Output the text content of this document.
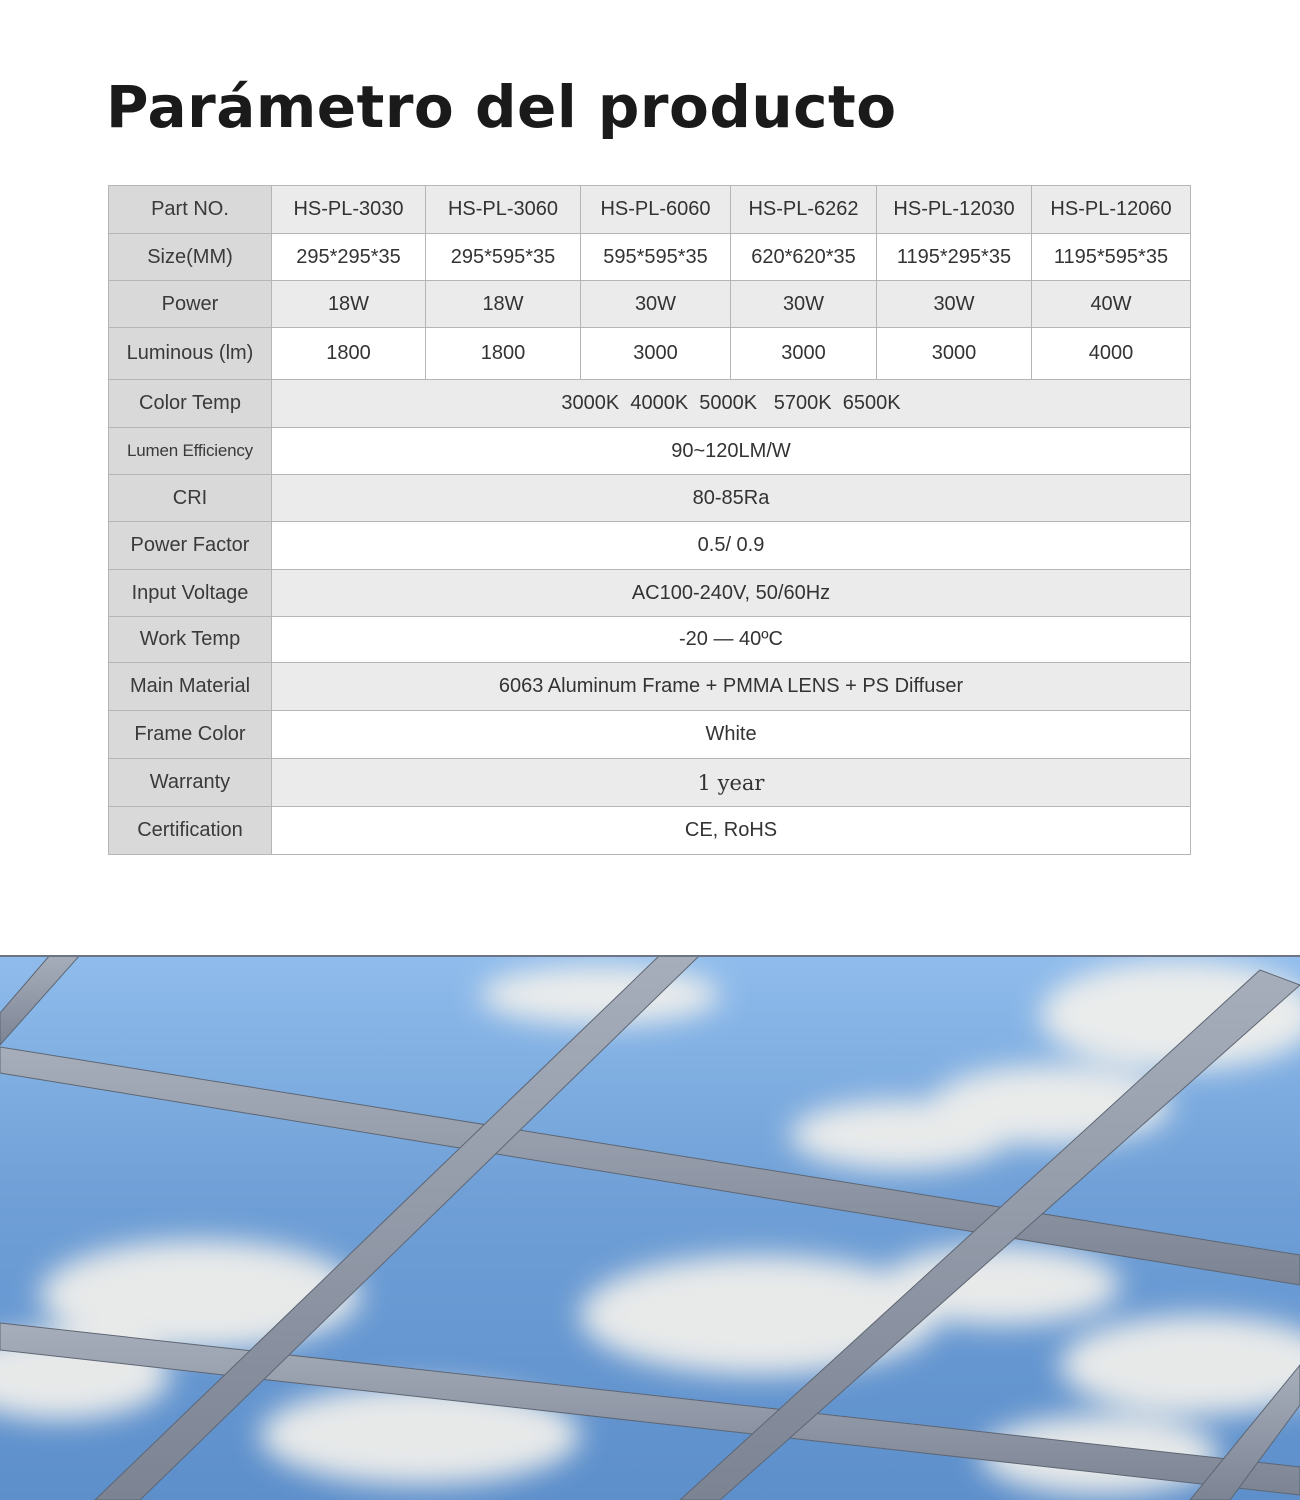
Parámetro del producto
Part NO.	HS-PL-3030	HS-PL-3060	HS-PL-6060	HS-PL-6262	HS-PL-12030	HS-PL-12060
Size(MM)	295*295*35	295*595*35	595*595*35	620*620*35	1195*295*35	1195*595*35
Power	18W	18W	30W	30W	30W	40W
Luminous (lm)	1800	1800	3000	3000	3000	4000
Color Temp	3000K  4000K  5000K   5700K  6500K					
Lumen Efficiency	90~120LM/W					
CRI	80-85Ra					
Power Factor	0.5/ 0.9					
Input Voltage	AC100-240V, 50/60Hz					
Work Temp	-20 — 40ºC					
Main Material	6063 Aluminum Frame + PMMA LENS + PS Diffuser					
Frame Color	White					
Warranty	1 year					
Certification	CE, RoHS					
